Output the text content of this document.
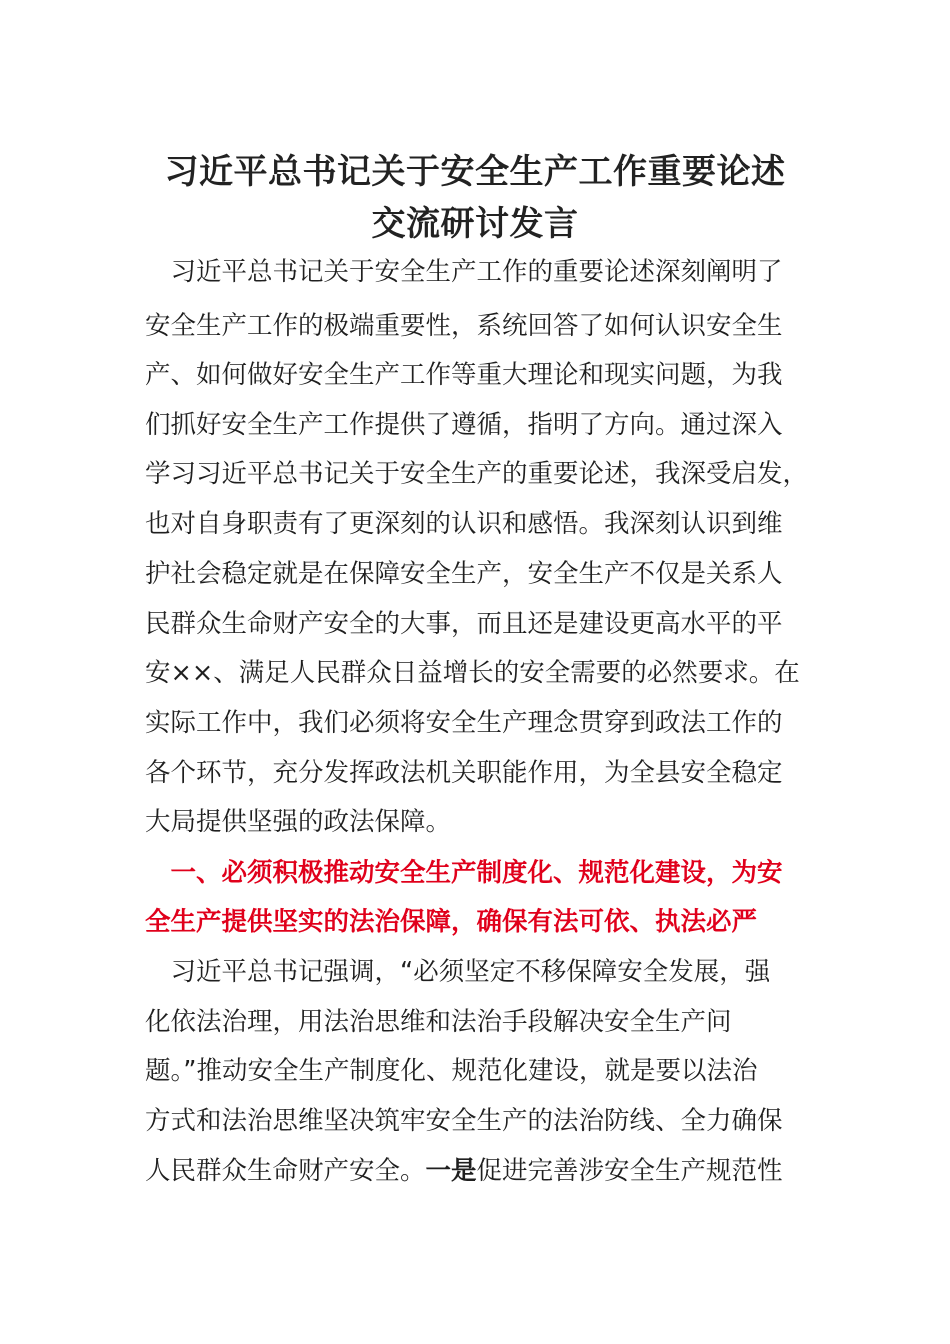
习近平总书记关于安全生产工作重要论述
交流研讨发言
　习近平总书记关于安全生产工作的重要论述深刻阐明了
安全生产工作的极端重要性，系统回答了如何认识安全生
产、如何做好安全生产工作等重大理论和现实问题，为我
们抓好安全生产工作提供了遵循，指明了方向。通过深入
学习习近平总书记关于安全生产的重要论述，我深受启发，
也对自身职责有了更深刻的认识和感悟。我深刻认识到维
护社会稳定就是在保障安全生产，安全生产不仅是关系人
民群众生命财产安全的大事，而且还是建设更高水平的平
安××、满足人民群众日益增长的安全需要的必然要求。在
实际工作中，我们必须将安全生产理念贯穿到政法工作的
各个环节，充分发挥政法机关职能作用，为全县安全稳定
大局提供坚强的政法保障。
　一、必须积极推动安全生产制度化、规范化建设，为安
全生产提供坚实的法治保障，确保有法可依、执法必严
　习近平总书记强调，“必须坚定不移保障安全发展，强
化依法治理，用法治思维和法治手段解决安全生产问
题。”推动安全生产制度化、规范化建设，就是要以法治
方式和法治思维坚决筑牢安全生产的法治防线、全力确保
人民群众生命财产安全。一是促进完善涉安全生产规范性
